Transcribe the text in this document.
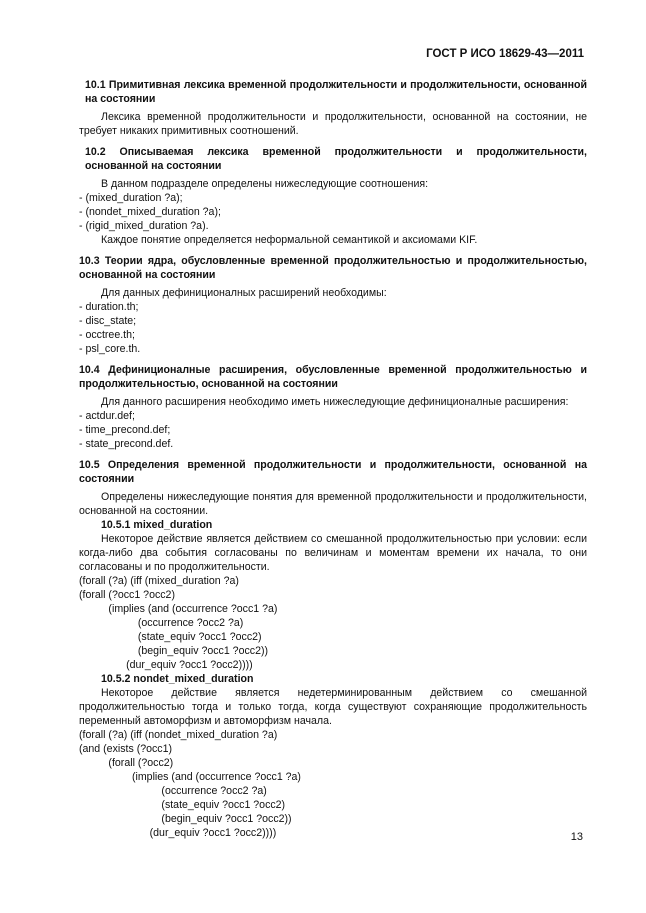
ГОСТ Р ИСО 18629-43—2011

10.1 Примитивная лексика временной продолжительности и продолжительности, основанной на состоянии

Лексика временной продолжительности и продолжительности, основанной на состоянии, не требует никаких примитивных соотношений.

10.2 Описываемая лексика временной продолжительности и продолжительности, основанной на состоянии

В данном подразделе определены нижеследующие соотношения:

- (mixed_duration ?a);

- (nondet_mixed_duration ?a);

- (rigid_mixed_duration ?a).

Каждое понятие определяется неформальной семантикой и аксиомами KIF.

10.3 Теории ядра, обусловленные временной продолжительностью и продолжительностью, основанной на состоянии

Для данных дефиниционалных расширений необходимы:

- duration.th;

- disc_state;

- occtree.th;

- psl_core.th.

10.4 Дефиниционалные расширения, обусловленные временной продолжительностью и продолжительностью, основанной на состоянии

Для данного расширения необходимо иметь нижеследующие дефиниционалные расширения:

- actdur.def;

- time_precond.def;

- state_precond.def.

10.5 Определения временной продолжительности и продолжительности, основанной на состоянии

Определены нижеследующие понятия для временной продолжительности и продолжительности, основанной на состоянии.

10.5.1 mixed_duration

Некоторое действие является действием со смешанной продолжительностью при условии: если когда-либо два события согласованы по величинам и моментам времени их начала, то они согласованы и по продолжительности.

(forall (?a) (iff (mixed_duration ?a)

(forall (?occ1 ?occ2)

(implies (and (occurrence ?occ1 ?a)

(occurrence ?occ2 ?a)

(state_equiv ?occ1 ?occ2)

(begin_equiv ?occ1 ?occ2))

(dur_equiv ?occ1 ?occ2))))

10.5.2 nondet_mixed_duration

Некоторое действие является недетерминированным действием со смешанной продолжительностью тогда и только тогда, когда существуют сохраняющие продолжительность переменный автоморфизм и автоморфизм начала.

(forall (?a) (iff (nondet_mixed_duration ?a)

(and (exists (?occ1)

(forall (?occ2)

(implies (and (occurrence ?occ1 ?a)

(occurrence ?occ2 ?a)

(state_equiv ?occ1 ?occ2)

(begin_equiv ?occ1 ?occ2))

(dur_equiv ?occ1 ?occ2))))	13
